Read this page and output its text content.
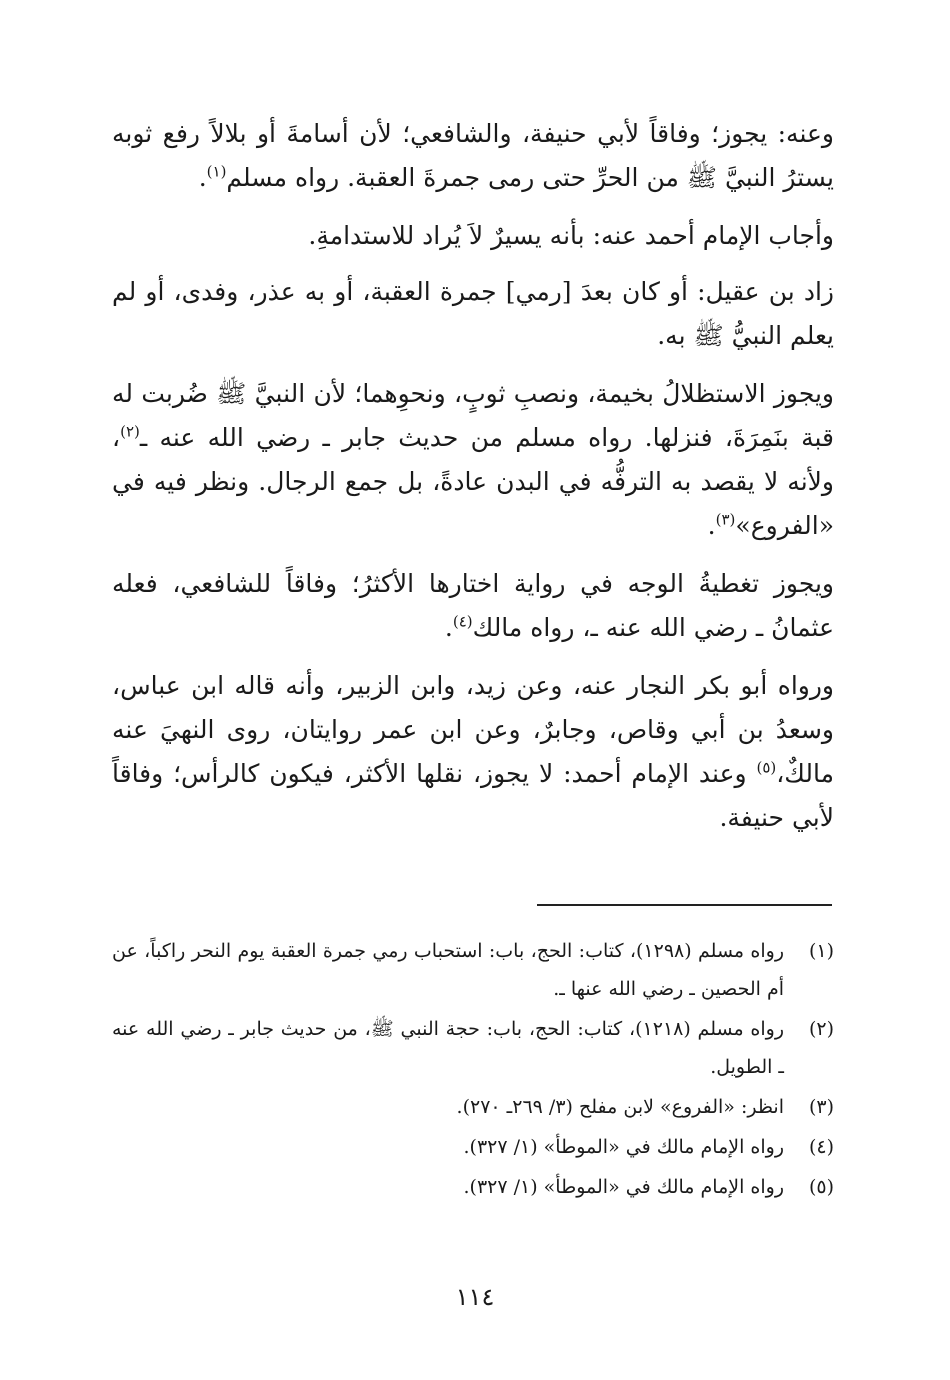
وعنه: يجوز؛ وفاقاً لأبي حنيفة، والشافعي؛ لأن أسامةَ أو بلالاً رفع ثوبه يسترُ النبيَّ ﷺ من الحرِّ حتى رمى جمرةَ العقبة. رواه مسلم$^{(١)}$.

وأجاب الإمام أحمد عنه: بأنه يسيرٌ لاَ يُراد للاستدامةِ.

زاد بن عقيل: أو كان بعدَ [رمي] جمرة العقبة، أو به عذر، وفدى، أو لم يعلم النبيُّ ﷺ به.

ويجوز الاستظلالُ بخيمة، ونصبِ ثوبٍ، ونحوِهما؛ لأن النبيَّ ﷺ ضُربت له قبة بنَمِرَةَ، فنزلها. رواه مسلم من حديث جابر ـ رضي الله عنه ـ$^{(٢)}$، ولأنه لا يقصد به الترفُّه في البدن عادةً، بل جمع الرجال. ونظر فيه في «الفروع»$^{(٣)}$.

ويجوز تغطيةُ الوجه في رواية اختارها الأكثرُ؛ وفاقاً للشافعي، فعله عثمانُ ـ رضي الله عنه ـ، رواه مالك$^{(٤)}$.

ورواه أبو بكر النجار عنه، وعن زيد، وابن الزبير، وأنه قاله ابن عباس، وسعدُ بن أبي وقاص، وجابرٌ، وعن ابن عمر روايتان، روى النهيَ عنه مالكٌ،$^{(٥)}$ وعند الإمام أحمد: لا يجوز، نقلها الأكثر، فيكون كالرأس؛ وفاقاً لأبي حنيفة.

(١)
رواه مسلم (١٢٩٨)، كتاب: الحج، باب: استحباب رمي جمرة العقبة يوم النحر راكباً، عن أم الحصين ـ رضي الله عنها ـ.
(٢)
رواه مسلم (١٢١٨)، كتاب: الحج، باب: حجة النبي ﷺ، من حديث جابر ـ رضي الله عنه ـ الطويل.
(٣)
انظر: «الفروع» لابن مفلح (٣/ ٢٦٩ـ ٢٧٠).
(٤)
رواه الإمام مالك في «الموطأ» (١/ ٣٢٧).
(٥)
رواه الإمام مالك في «الموطأ» (١/ ٣٢٧).
١١٤
